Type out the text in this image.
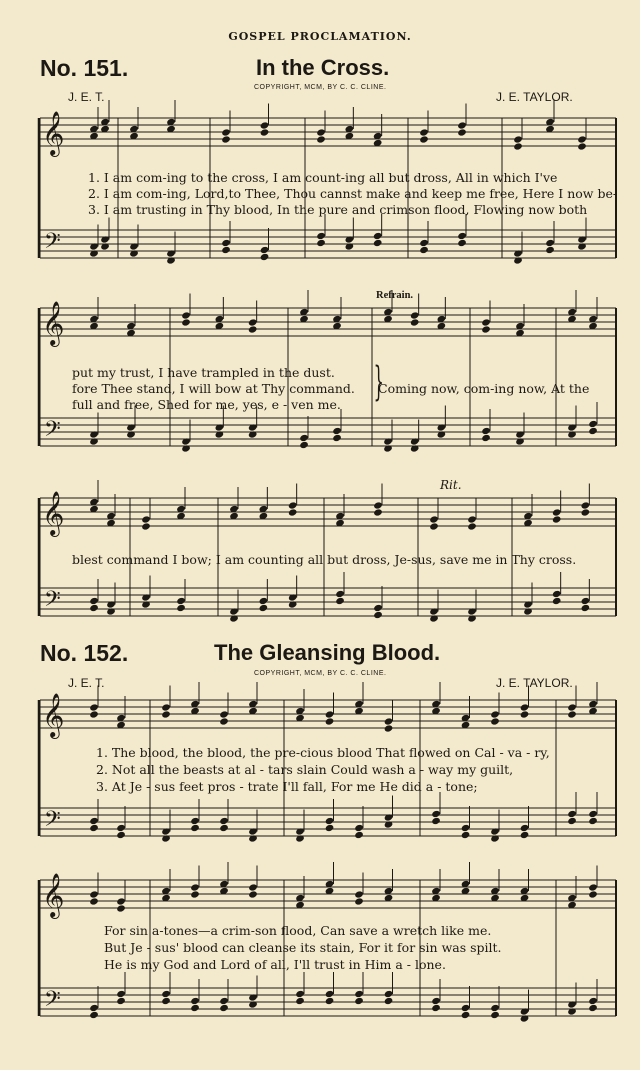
GOSPEL PROCLAMATION.
No. 151.	In the Cross.
COPYRIGHT, MCM, BY C. C. CLINE.
J. E. T.	J. E. TAYLOR.
𝄞
𝄢
𝄞
𝄢
𝄞
𝄢
𝄞
𝄢
𝄞
𝄢
1. I am com-ing to the cross, I am count-ing all but dross, All in which I've
2. I am com-ing, Lord,to Thee, Thou cannst make and keep me free, Here I now be-
3. I am trusting in Thy blood, In the pure and crimson flood, Flowing now both
Refrain.
put my trust, I have trampled in the dust.
fore Thee stand, I will bow at Thy command.
full and free, Shed for me, yes, e - ven me. }
Coming now, com-ing now, At the
Rit.
blest command I bow; I am counting all but dross, Je-sus, save me in Thy cross.
No. 152.	The Gleansing Blood.
COPYRIGHT, MCM, BY C. C. CLINE.
J. E. T.	J. E. TAYLOR.
1. The blood, the blood, the pre-cious blood That flowed on Cal - va - ry,
2. Not all the beasts at al - tars slain Could wash a - way my guilt,
3. At Je - sus feet pros - trate I'll fall, For me He did a - tone;
For sin a-tones—a crim-son flood, Can save a wretch like me.
But Je - sus' blood can cleanse its stain, For it for sin was spilt.
He is my God and Lord of all, I'll trust in Him a - lone.
